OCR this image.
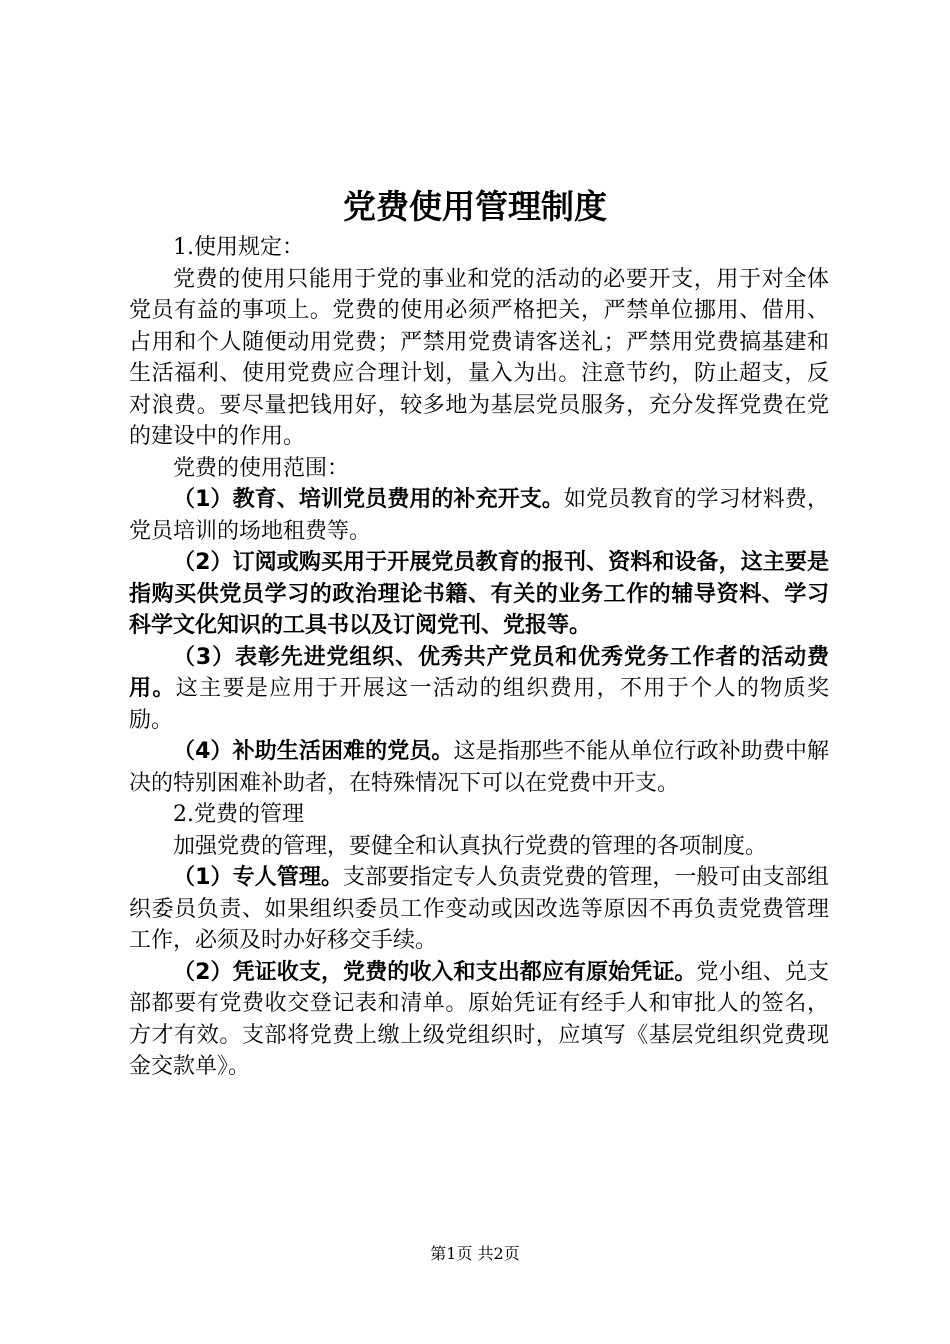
党费使用管理制度

1.使用规定：

党费的使用只能用于党的事业和党的活动的必要开支，用于对全体党员有益的事项上。党费的使用必须严格把关，严禁单位挪用、借用、占用和个人随便动用党费；严禁用党费请客送礼；严禁用党费搞基建和生活福利、使用党费应合理计划，量入为出。注意节约，防止超支，反对浪费。要尽量把钱用好，较多地为基层党员服务，充分发挥党费在党的建设中的作用。

党费的使用范围：

（1）教育、培训党员费用的补充开支。如党员教育的学习材料费，党员培训的场地租费等。

（2）订阅或购买用于开展党员教育的报刊、资料和设备，这主要是指购买供党员学习的政治理论书籍、有关的业务工作的辅导资料、学习科学文化知识的工具书以及订阅党刊、党报等。

（3）表彰先进党组织、优秀共产党员和优秀党务工作者的活动费用。这主要是应用于开展这一活动的组织费用，不用于个人的物质奖励。

（4）补助生活困难的党员。这是指那些不能从单位行政补助费中解决的特别困难补助者，在特殊情况下可以在党费中开支。

2.党费的管理

加强党费的管理，要健全和认真执行党费的管理的各项制度。

（1）专人管理。支部要指定专人负责党费的管理，一般可由支部组织委员负责、如果组织委员工作变动或因改选等原因不再负责党费管理工作，必须及时办好移交手续。

（2）凭证收支，党费的收入和支出都应有原始凭证。党小组、兑支部都要有党费收交登记表和清单。原始凭证有经手人和审批人的签名，方才有效。支部将党费上缴上级党组织时，应填写《基层党组织党费现金交款单》。

第1页 共2页
